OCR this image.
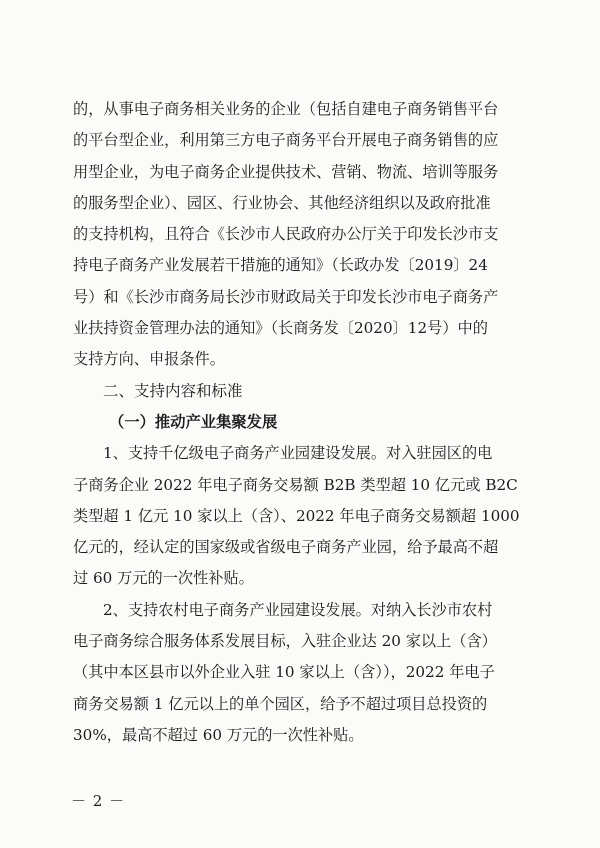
的，从事电子商务相关业务的企业（包括自建电子商务销售平台
的平台型企业，利用第三方电子商务平台开展电子商务销售的应
用型企业，为电子商务企业提供技术、营销、物流、培训等服务
的服务型企业）、园区、行业协会、其他经济组织以及政府批准
的支持机构，且符合《长沙市人民政府办公厅关于印发长沙市支
持电子商务产业发展若干措施的通知》（长政办发〔2019〕24
号）和《长沙市商务局长沙市财政局关于印发长沙市电子商务产
业扶持资金管理办法的通知》（长商务发〔2020〕12号）中的
支持方向、申报条件。

二、支持内容和标准
（一）推动产业集聚发展

1、支持千亿级电子商务产业园建设发展。对入驻园区的电
子商务企业 2022 年电子商务交易额 B2B 类型超 10 亿元或 B2C
类型超 1 亿元 10 家以上（含）、2022 年电子商务交易额超 1000
亿元的，经认定的国家级或省级电子商务产业园，给予最高不超
过 60 万元的一次性补贴。

2、支持农村电子商务产业园建设发展。对纳入长沙市农村
电子商务综合服务体系发展目标，入驻企业达 20 家以上（含）
（其中本区县市以外企业入驻 10 家以上（含）），2022 年电子
商务交易额 1 亿元以上的单个园区，给予不超过项目总投资的
30%，最高不超过 60 万元的一次性补贴。

－ 2 －
